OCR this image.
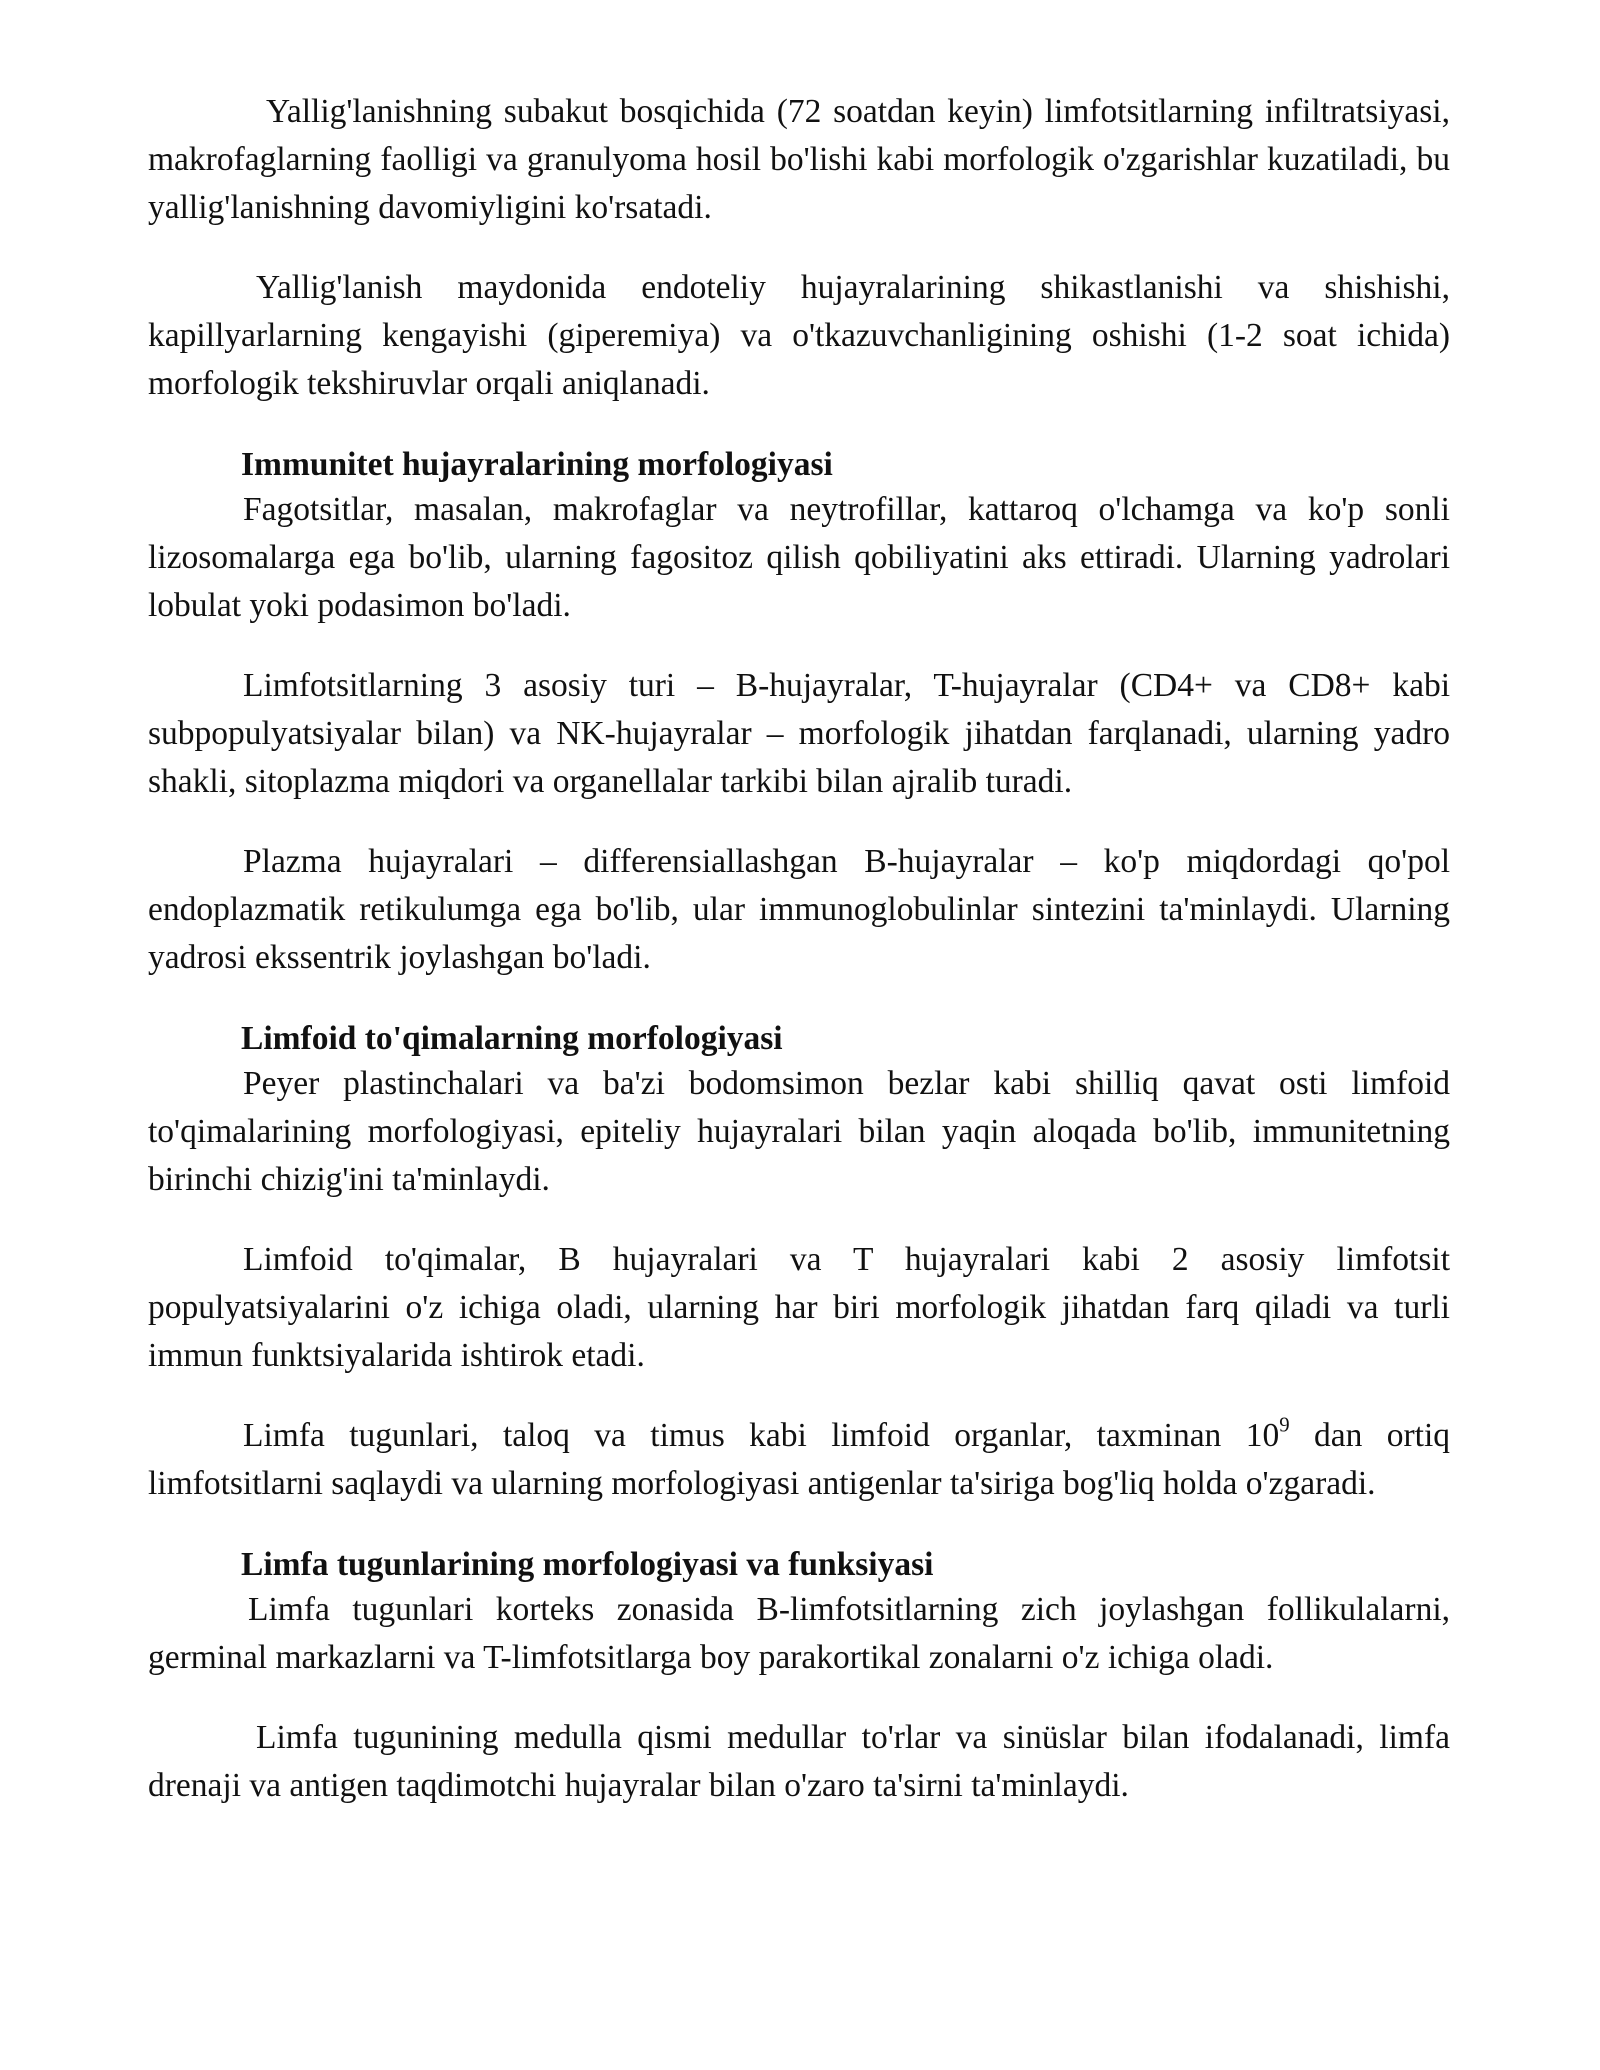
Yallig'lanishning subakut bosqichida (72 soatdan keyin) limfotsitlarning infiltratsiyasi, makrofaglarning faolligi va granulyoma hosil bo'lishi kabi morfologik o'zgarishlar kuzatiladi, bu yallig'lanishning davomiyligini ko'rsatadi.

Yallig'lanish maydonida endoteliy hujayralarining shikastlanishi va shishishi, kapillyarlarning kengayishi (giperemiya) va o'tkazuvchanligining oshishi (1-2 soat ichida) morfologik tekshiruvlar orqali aniqlanadi.

Immunitet hujayralarining morfologiyasi

Fagotsitlar, masalan, makrofaglar va neytrofillar, kattaroq o'lchamga va ko'p sonli lizosomalarga ega bo'lib, ularning fagositoz qilish qobiliyatini aks ettiradi. Ularning yadrolari lobulat yoki podasimon bo'ladi.

Limfotsitlarning 3 asosiy turi – B-hujayralar, T-hujayralar (CD4+ va CD8+ kabi subpopulyatsiyalar bilan) va NK-hujayralar – morfologik jihatdan farqlanadi, ularning yadro shakli, sitoplazma miqdori va organellalar tarkibi bilan ajralib turadi.

Plazma hujayralari – differensiallashgan B-hujayralar – ko'p miqdordagi qo'pol endoplazmatik retikulumga ega bo'lib, ular immunoglobulinlar sintezini ta'minlaydi. Ularning yadrosi ekssentrik joylashgan bo'ladi.

Limfoid to'qimalarning morfologiyasi

Peyer plastinchalari va ba'zi bodomsimon bezlar kabi shilliq qavat osti limfoid to'qimalarining morfologiyasi, epiteliy hujayralari bilan yaqin aloqada bo'lib, immunitetning birinchi chizig'ini ta'minlaydi.

Limfoid to'qimalar, B hujayralari va T hujayralari kabi 2 asosiy limfotsit populyatsiyalarini o'z ichiga oladi, ularning har biri morfologik jihatdan farq qiladi va turli immun funktsiyalarida ishtirok etadi.

Limfa tugunlari, taloq va timus kabi limfoid organlar, taxminan $10^9$ dan ortiq limfotsitlarni saqlaydi va ularning morfologiyasi antigenlar ta'siriga bog'liq holda o'zgaradi.

Limfa tugunlarining morfologiyasi va funksiyasi

Limfa tugunlari korteks zonasida B-limfotsitlarning zich joylashgan follikulalarni, germinal markazlarni va T-limfotsitlarga boy parakortikal zonalarni o'z ichiga oladi.

Limfa tugunining medulla qismi medullar to'rlar va sinüslar bilan ifodalanadi, limfa drenaji va antigen taqdimotchi hujayralar bilan o'zaro ta'sirni ta'minlaydi.
